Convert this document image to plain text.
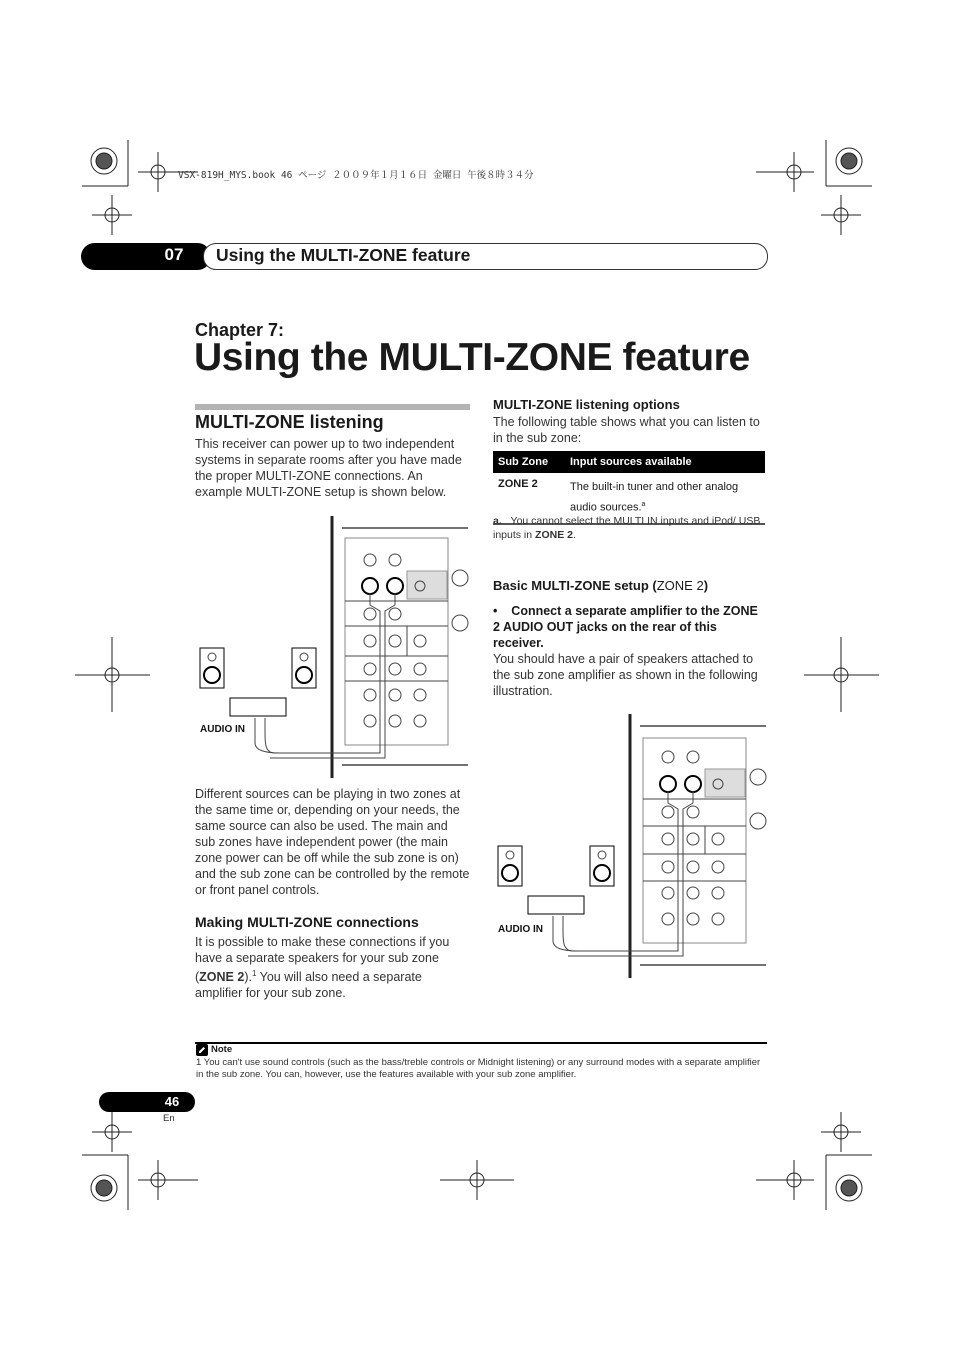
VSX-819H_MYS.book 46 ページ ２００９年１月１６日 金曜日 午後８時３４分
07	Using the MULTI-ZONE feature
Chapter 7:
Using the MULTI-ZONE feature
MULTI-ZONE listening
This receiver can power up to two independent systems in separate rooms after you have made the proper MULTI-ZONE connections. An example MULTI-ZONE setup is shown below.
AUDIO IN
Different sources can be playing in two zones at the same time or, depending on your needs, the same source can also be used. The main and sub zones have independent power (the main zone power can be off while the sub zone is on) and the sub zone can be controlled by the remote or front panel controls.
Making MULTI-ZONE connections
It is possible to make these connections if you have a separate speakers for your sub zone (ZONE 2).$^1$ You will also need a separate amplifier for your sub zone.
MULTI-ZONE listening options
The following table shows what you can listen to in the sub zone:
Sub Zone	Input sources available
ZONE 2	The built-in tuner and other analog audio sources.$^a$
a. You cannot select the MULTI IN inputs and iPod/ USB inputs in ZONE 2.
Basic MULTI-ZONE setup (ZONE 2)
• Connect a separate amplifier to the ZONE 2 AUDIO OUT jacks on the rear of this receiver.
You should have a pair of speakers attached to the sub zone amplifier as shown in the following illustration.
AUDIO IN
Note
1 You can't use sound controls (such as the bass/treble controls or Midnight listening) or any surround modes with a separate amplifier in the sub zone. You can, however, use the features available with your sub zone amplifier.
46
En
